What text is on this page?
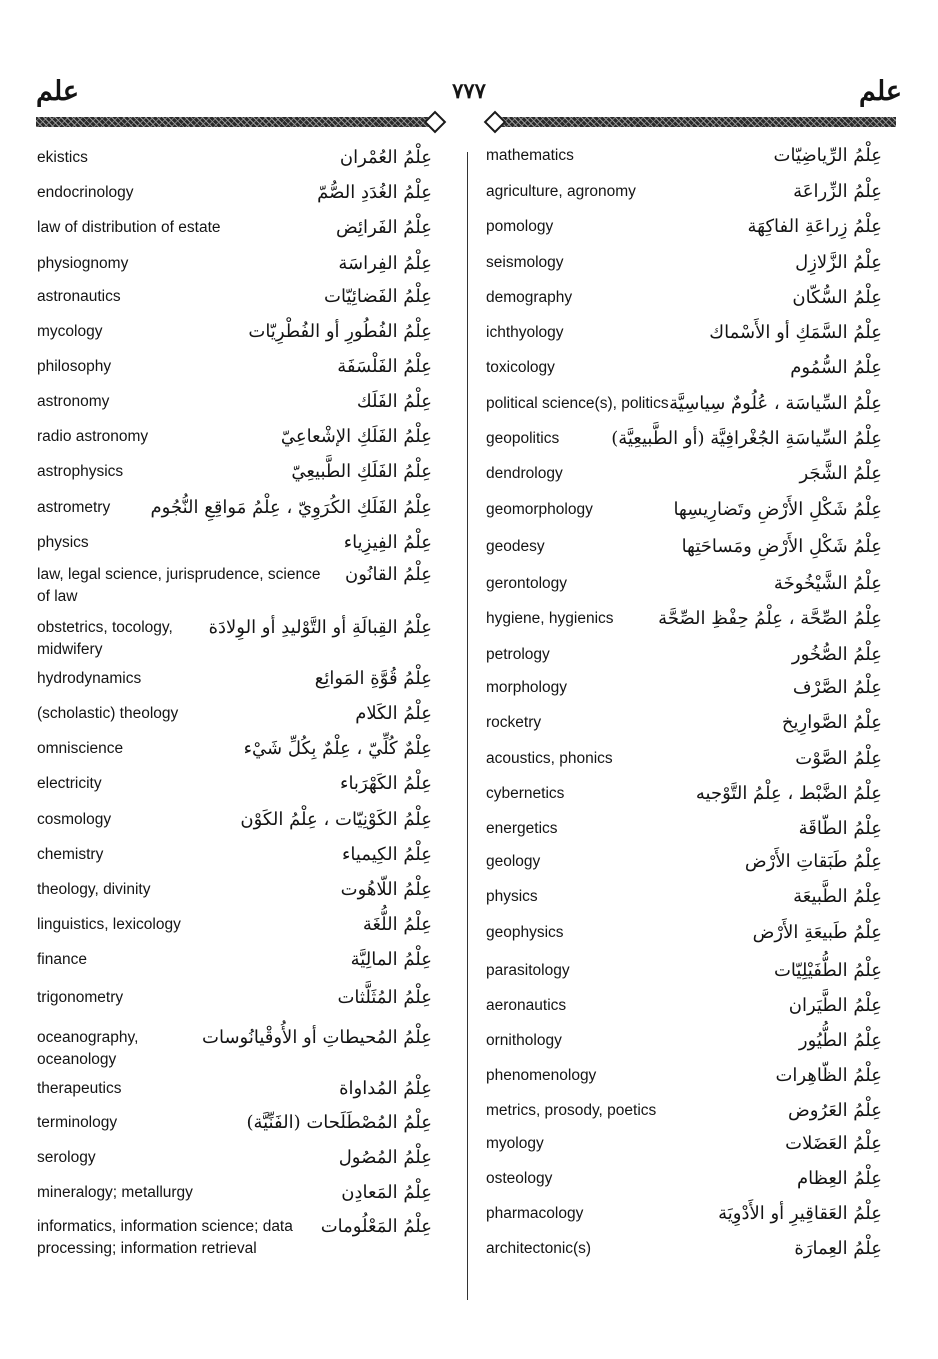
علم	٧٧٧	علم
ekistics	عِلْمُ العُمْران
endocrinology	عِلْمُ الغُدَدِ الصُّمّ
law of distribution of estate	عِلْمُ الفَرائِض
physiognomy	عِلْمُ الفِراسَة
astronautics	عِلْمُ الفَضائِيّات
mycology	عِلْمُ الفُطُورِ أو الفُطْرِيّات
philosophy	عِلْمُ الفَلْسَفَة
astronomy	عِلْمُ الفَلَك
radio astronomy	عِلْمُ الفَلَكِ الإشْعاعِيّ
astrophysics	عِلْمُ الفَلَكِ الطَّبيعِيّ
astrometry عِلْمُ الفَلَكِ الكُرَوِيّ ، عِلْمُ مَواقِعِ النُّجُوم
physics	عِلْمُ الفِيزِياء
law, legal science, jurisprudence, science of law
عِلْمُ القانُون
obstetrics, tocology, midwifery
عِلْمُ القِبالَةِ أو التَّوْليدِ أو الوِلادَة
hydrodynamics	عِلْمُ قُوَّةِ المَوائِع
(scholastic) theology	عِلْمُ الكَلام
omniscience	عِلْمٌ كُلِّيّ ، عِلْمٌ بِكُلِّ شَيْء
electricity	عِلْمُ الكَهْرَباء
cosmology	عِلْمُ الكَوْنِيّات ، عِلْمُ الكَوْن
chemistry	عِلْمُ الكِيمياء
theology, divinity	عِلْمُ اللّاهُوت
linguistics, lexicology	عِلْمُ اللُّغَة
finance	عِلْمُ المالِيَّة
trigonometry	عِلْمُ المُثَلَّثات
oceanography, oceanology
عِلْمُ المُحيطاتِ أو الأُوقْيانُوسات
therapeutics	عِلْمُ المُداواة
terminology	عِلْمُ المُصْطَلَحات (الفَنِّيَّة)
serology	عِلْمُ المُصُول
mineralogy; metallurgy	عِلْمُ المَعادِن
informatics, information science; data processing; information retrieval
عِلْمُ المَعْلُومات
mathematics	عِلْمُ الرِّياضِيّات
agriculture, agronomy	عِلْمُ الزِّراعَة
pomology	عِلْمُ زِراعَةِ الفاكِهَة
seismology	عِلْمُ الزَّلازِل
demography	عِلْمُ السُّكّان
ichthyology	عِلْمُ السَّمَكِ أو الأَسْماك
toxicology	عِلْمُ السُّمُوم
political science(s), politics عِلْمُ السِّياسَة ، عُلُومٌ سِياسِيَّة
geopolitics	عِلْمُ السِّياسَةِ الجُغْرافِيَّة (أو الطَّبيعِيَّة)
dendrology	عِلْمُ الشَّجَر
geomorphology	عِلْمُ شَكْلِ الأَرْضِ وتَضارِيسِها
geodesy	عِلْمُ شَكْلِ الأَرْضِ ومَساحَتِها
gerontology	عِلْمُ الشَّيْخُوخَة
hygiene, hygienics عِلْمُ الصِّحَّة ، عِلْمُ حِفْظِ الصِّحَّة
petrology	عِلْمُ الصُّخُور
morphology	عِلْمُ الصَّرْف
rocketry	عِلْمُ الصَّوارِيخ
acoustics, phonics	عِلْمُ الصَّوْت
cybernetics	عِلْمُ الضَّبْط ، عِلْمُ التَّوْجيه
energetics	عِلْمُ الطّاقَة
geology	عِلْمُ طَبَقاتِ الأَرْض
physics	عِلْمُ الطَّبيعَة
geophysics	عِلْمُ طَبيعَةِ الأَرْض
parasitology	عِلْمُ الطُّفَيْلِيّات
aeronautics	عِلْمُ الطَّيَران
ornithology	عِلْمُ الطُّيُور
phenomenology	عِلْمُ الظّاهِرات
metrics, prosody, poetics	عِلْمُ العَرُوض
myology	عِلْمُ العَضَلات
osteology	عِلْمُ العِظام
pharmacology	عِلْمُ العَقاقِيرِ أو الأَدْوِيَة
architectonic(s)	عِلْمُ العِمارَة
